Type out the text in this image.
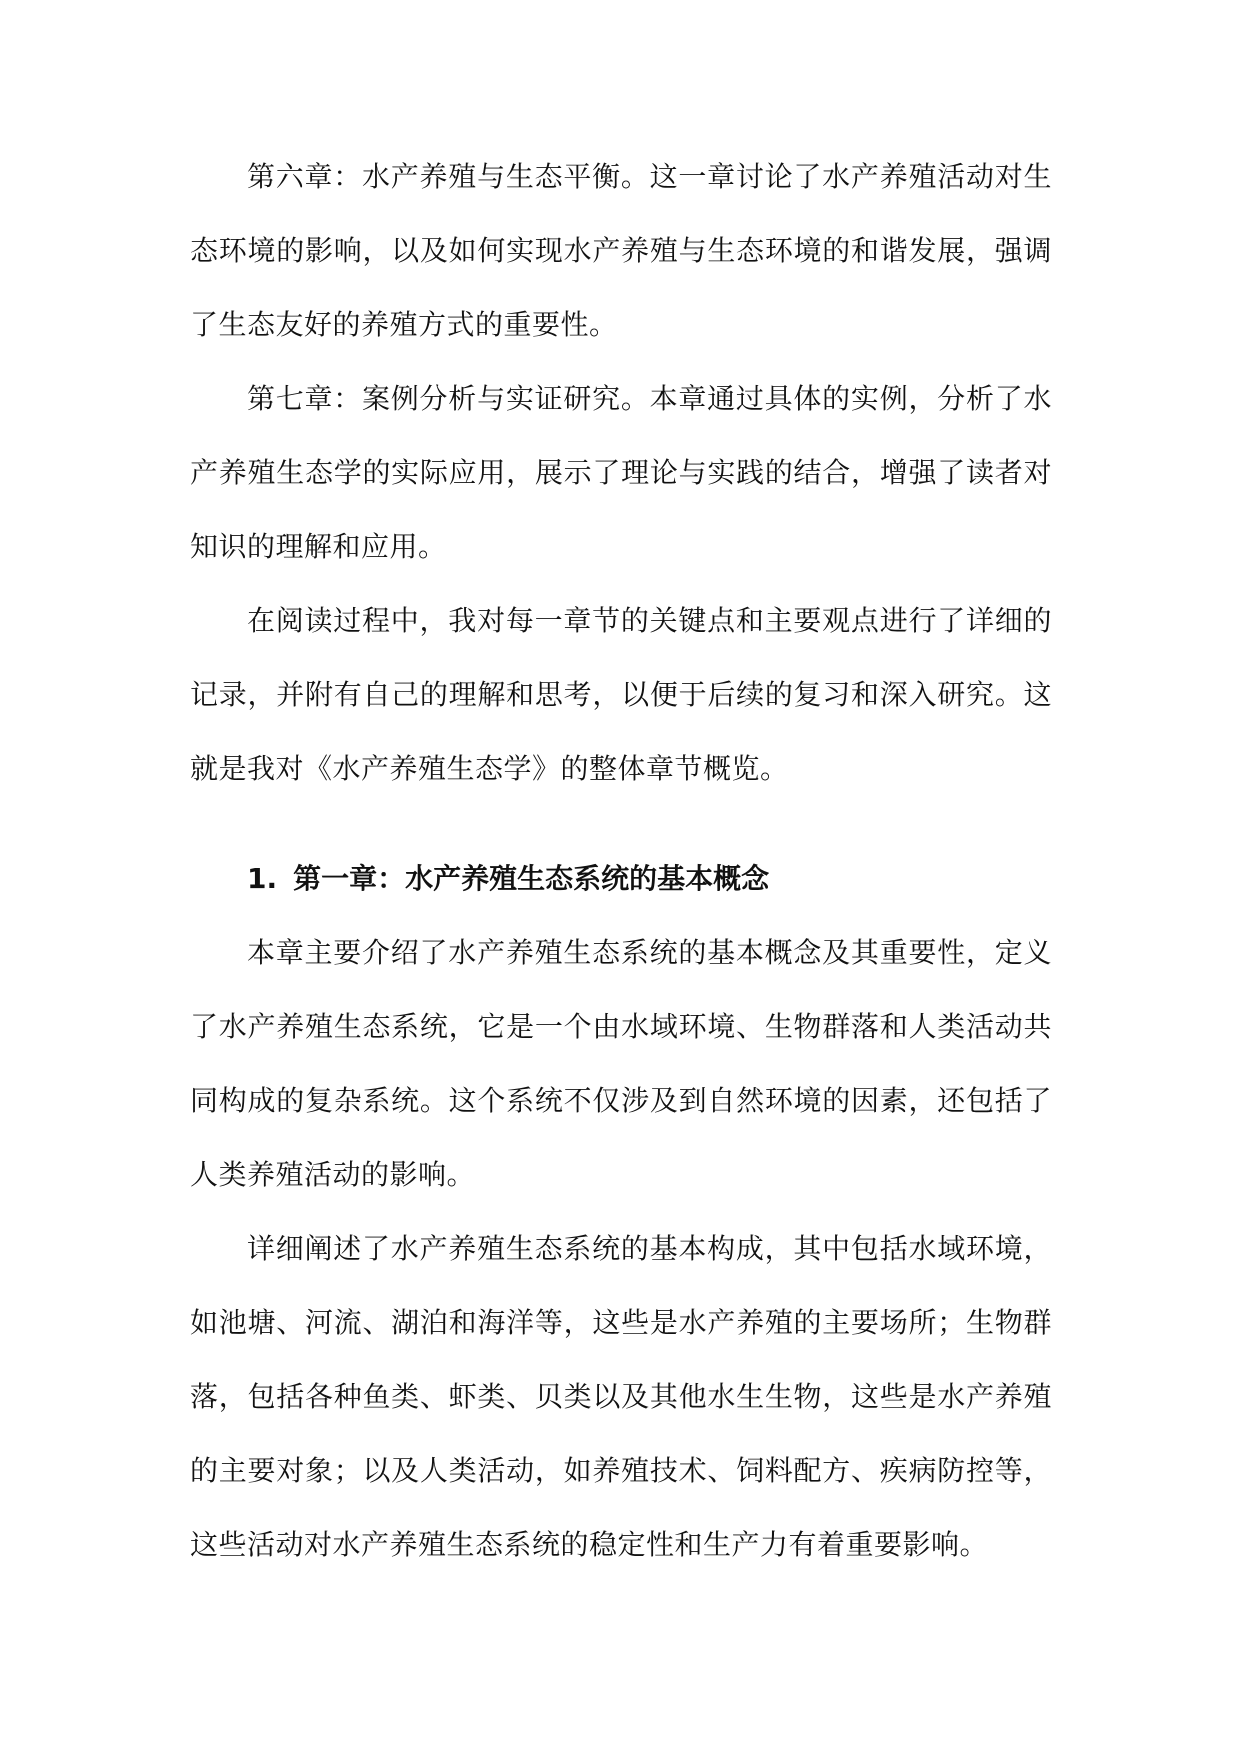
第六章：水产养殖与生态平衡。这一章讨论了水产养殖活动对生态环境的影响，以及如何实现水产养殖与生态环境的和谐发展，强调了生态友好的养殖方式的重要性。

第七章：案例分析与实证研究。本章通过具体的实例，分析了水产养殖生态学的实际应用，展示了理论与实践的结合，增强了读者对知识的理解和应用。

在阅读过程中，我对每一章节的关键点和主要观点进行了详细的记录，并附有自己的理解和思考，以便于后续的复习和深入研究。这就是我对《水产养殖生态学》的整体章节概览。

1. 第一章：水产养殖生态系统的基本概念

本章主要介绍了水产养殖生态系统的基本概念及其重要性，定义了水产养殖生态系统，它是一个由水域环境、生物群落和人类活动共同构成的复杂系统。这个系统不仅涉及到自然环境的因素，还包括了人类养殖活动的影响。

详细阐述了水产养殖生态系统的基本构成，其中包括水域环境，如池塘、河流、湖泊和海洋等，这些是水产养殖的主要场所；生物群落，包括各种鱼类、虾类、贝类以及其他水生生物，这些是水产养殖的主要对象；以及人类活动，如养殖技术、饲料配方、疾病防控等，这些活动对水产养殖生态系统的稳定性和生产力有着重要影响。
